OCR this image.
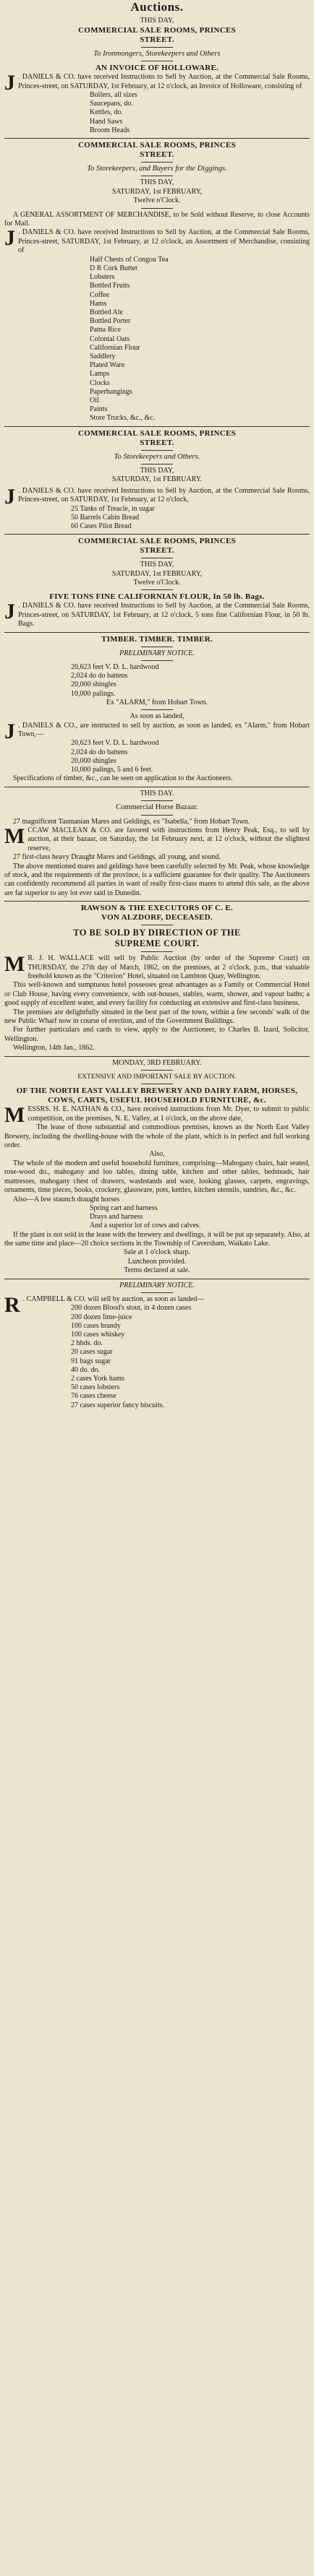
Auctions.
THIS DAY,
COMMERCIAL SALE ROOMS, PRINCES
STREET.
To Ironmongers, Storekeepers and Others
AN INVOICE OF HOLLOWARE.
J . DANIELS & CO. have received Instructions to Sell by Auction, at the Commercial Sale Rooms, Princes-street, on SATURDAY, 1st February, at 12 o'clock, an Invoice of Holloware, consisting of
Boilers, all sizes
Saucepans, do.
Kettles, do.
Hand Saws
Broom Heads
COMMERCIAL SALE ROOMS, PRINCES
STREET.
To Storekeepers, and Buyers for the Diggings.
THIS DAY,
SATURDAY, 1st FEBRUARY,
Twelve o'Clock.
A GENERAL ASSORTMENT OF MERCHANDISE, to be Sold without Reserve, to close Accounts for Mail.
J . DANIELS & CO. have received Instructions to Sell by Auction, at the Commercial Sale Rooms, Princes-street, SATURDAY, 1st February, at 12 o'clock, an Assortment of Merchandise, consisting of
Half Chests of Congou Tea
D R Cork Butter
Lobsters
Bottled Fruits
Coffee
Hams
Bottled Ale
Bottled Porter
Patna Rice
Colonial Oats
Californian Flour
Saddlery
Plated Ware
Lamps
Clocks
Paperhangings
Oil
Paints
Store Trucks, &c., &c.
COMMERCIAL SALE ROOMS, PRINCES
STREET.
To Storekeepers and Others.
THIS DAY,
SATURDAY, 1st FEBRUARY.
J . DANIELS & CO. have received Instructions to Sell by Auction, at the Commercial Sale Rooms, Princes-street, on SATURDAY, 1st February, at 12 o'clock,
25 Tanks of Treacle, in sugar
50 Barrels Cabin Bread
60 Cases Pilot Bread
COMMERCIAL SALE ROOMS, PRINCES
STREET.
THIS DAY,
SATURDAY, 1st FEBRUARY,
Twelve o'Clock.
FIVE TONS FINE CALIFORNIAN FLOUR, In 50 lb. Bags.
J . DANIELS & CO. have received Instructions to Sell by Auction, at the Commercial Sale Rooms, Princes-street, on SATURDAY, 1st February, at 12 o'clock, 5 tons fine Californian Flour, in 50 lb. Bags.
TIMBER. TIMBER. TIMBER.
PRELIMINARY NOTICE.
20,623 feet V. D. L. hardwood
2,024 do do battens
20,000 shingles
10,000 palings.
Ex "ALARM," from Hobart Town.
As soon as landed,
J . DANIELS & CO., are instructed to sell by auction, as soon as landed, ex "Alarm," from Hobart Town,—
20,623 feet V. D. L. hardwood
2,024 do do battens
20,000 shingles
10,000 palings, 5 and 6 feet.
Specifications of timber, &c., can be seen on application to the Auctioneers.
THIS DAY.
Commercial Horse Bazaar.
27 magnificent Tasmanian Mares and Geldings, ex "Isabella," from Hobart Town.
MCCAW MACLEAN & CO. are favored with instructions from Henry Peak, Esq., to sell by auction, at their bazaar, on Saturday, the 1st February next, at 12 o'clock, without the slightest reserve,
27 first-class heavy Draught Mares and Geldings, all young, and sound.
The above mentioned mares and geldings have been carefully selected by Mr. Peak, whose knowledge of stock, and the requirements of the province, is a sufficient guarantee for their quality. The Auctioneers can confidently recommend all parties in want of really first-class mares to attend this sale, as the above are far superior to any lot ever said in Dunedin.
RAWSON & THE EXECUTORS OF C. E.
VON ALZDORF, DECEASED.
TO BE SOLD BY DIRECTION OF THE
SUPREME COURT.
M R. J. H. WALLACE will sell by Public Auction (by order of the Supreme Court) on THURSDAY, the 27th day of March, 1862, on the premises, at 2 o'clock, p.m., that valuable freehold known as the "Criterion" Hotel, situated on Lambton Quay, Wellington.
This well-known and sumptuous hotel possesses great advantages as a Family or Commercial Hotel or Club House, having every convenience, with out-houses, stables, warm, shower, and vapour baths; a good supply of excellent water, and every facility for conducting an extensive and first-class business.
The premises are delightfully situated in the best part of the town, within a few seconds' walk of the new Public Wharf now in course of erection, and of the Government Buildings.
For further particulars and cards to view, apply to the Auctioneer, to Charles B. Izard, Solicitor, Wellington.
Wellington, 14th Jan., 1862.
MONDAY, 3RD FEBRUARY.
EXTENSIVE AND IMPORTANT SALE BY AUCTION.
OF THE NORTH EAST VALLEY BREWERY AND DAIRY FARM, HORSES, COWS, CARTS, USEFUL HOUSEHOLD FURNITURE, &c.
MESSRS. H. E. NATHAN & CO., have received instructions from Mr. Dyer, to submit to public competition, on the premises, N. E. Valley, at 1 o'clock, on the above date,
The lease of those substantial and commodious premises, known as the North East Valley Brewery, including the dwelling-house with the whole of the plant, which is in perfect and full working order.
Also,
The whole of the modern and useful household furniture, comprising—Mahogany chairs, hair seated, rose-wood do., mahogany and loo tables, dining table, kitchen and other tables, bedsteads, hair mattresses, mahogany chest of drawers, washstands and ware, looking glasses, carpets, engravings, ornaments, time pieces, books, crockery, glassware, pots, kettles, kitchen utensils, sundries, &c., &c.
Also—A few staunch draught horses
Spring cart and harness
Drays and harness
And a superior lot of cows and calves.
If the plant is not sold in the lease with the brewery and dwellings, it will be put up separately. Also, at the same time and place—20 choice sections in the Township of Caversham, Waikato Lake.
Sale at 1 o'clock sharp.
Luncheon provided.
Terms declared at sale.
PRELIMINARY NOTICE.
R . CAMPBELL & CO. will sell by auction, as soon as landed—
200 dozen Blood's stout, in 4 dozen cases
200 dozen lime-juice
100 cases brandy
100 cases whiskey
2 hhds. do.
20 cases sugar
91 bags sugar
40 do. do.
2 cases York hams
50 cases lobsters
76 cases cheese
27 cases superior fancy biscuits.
